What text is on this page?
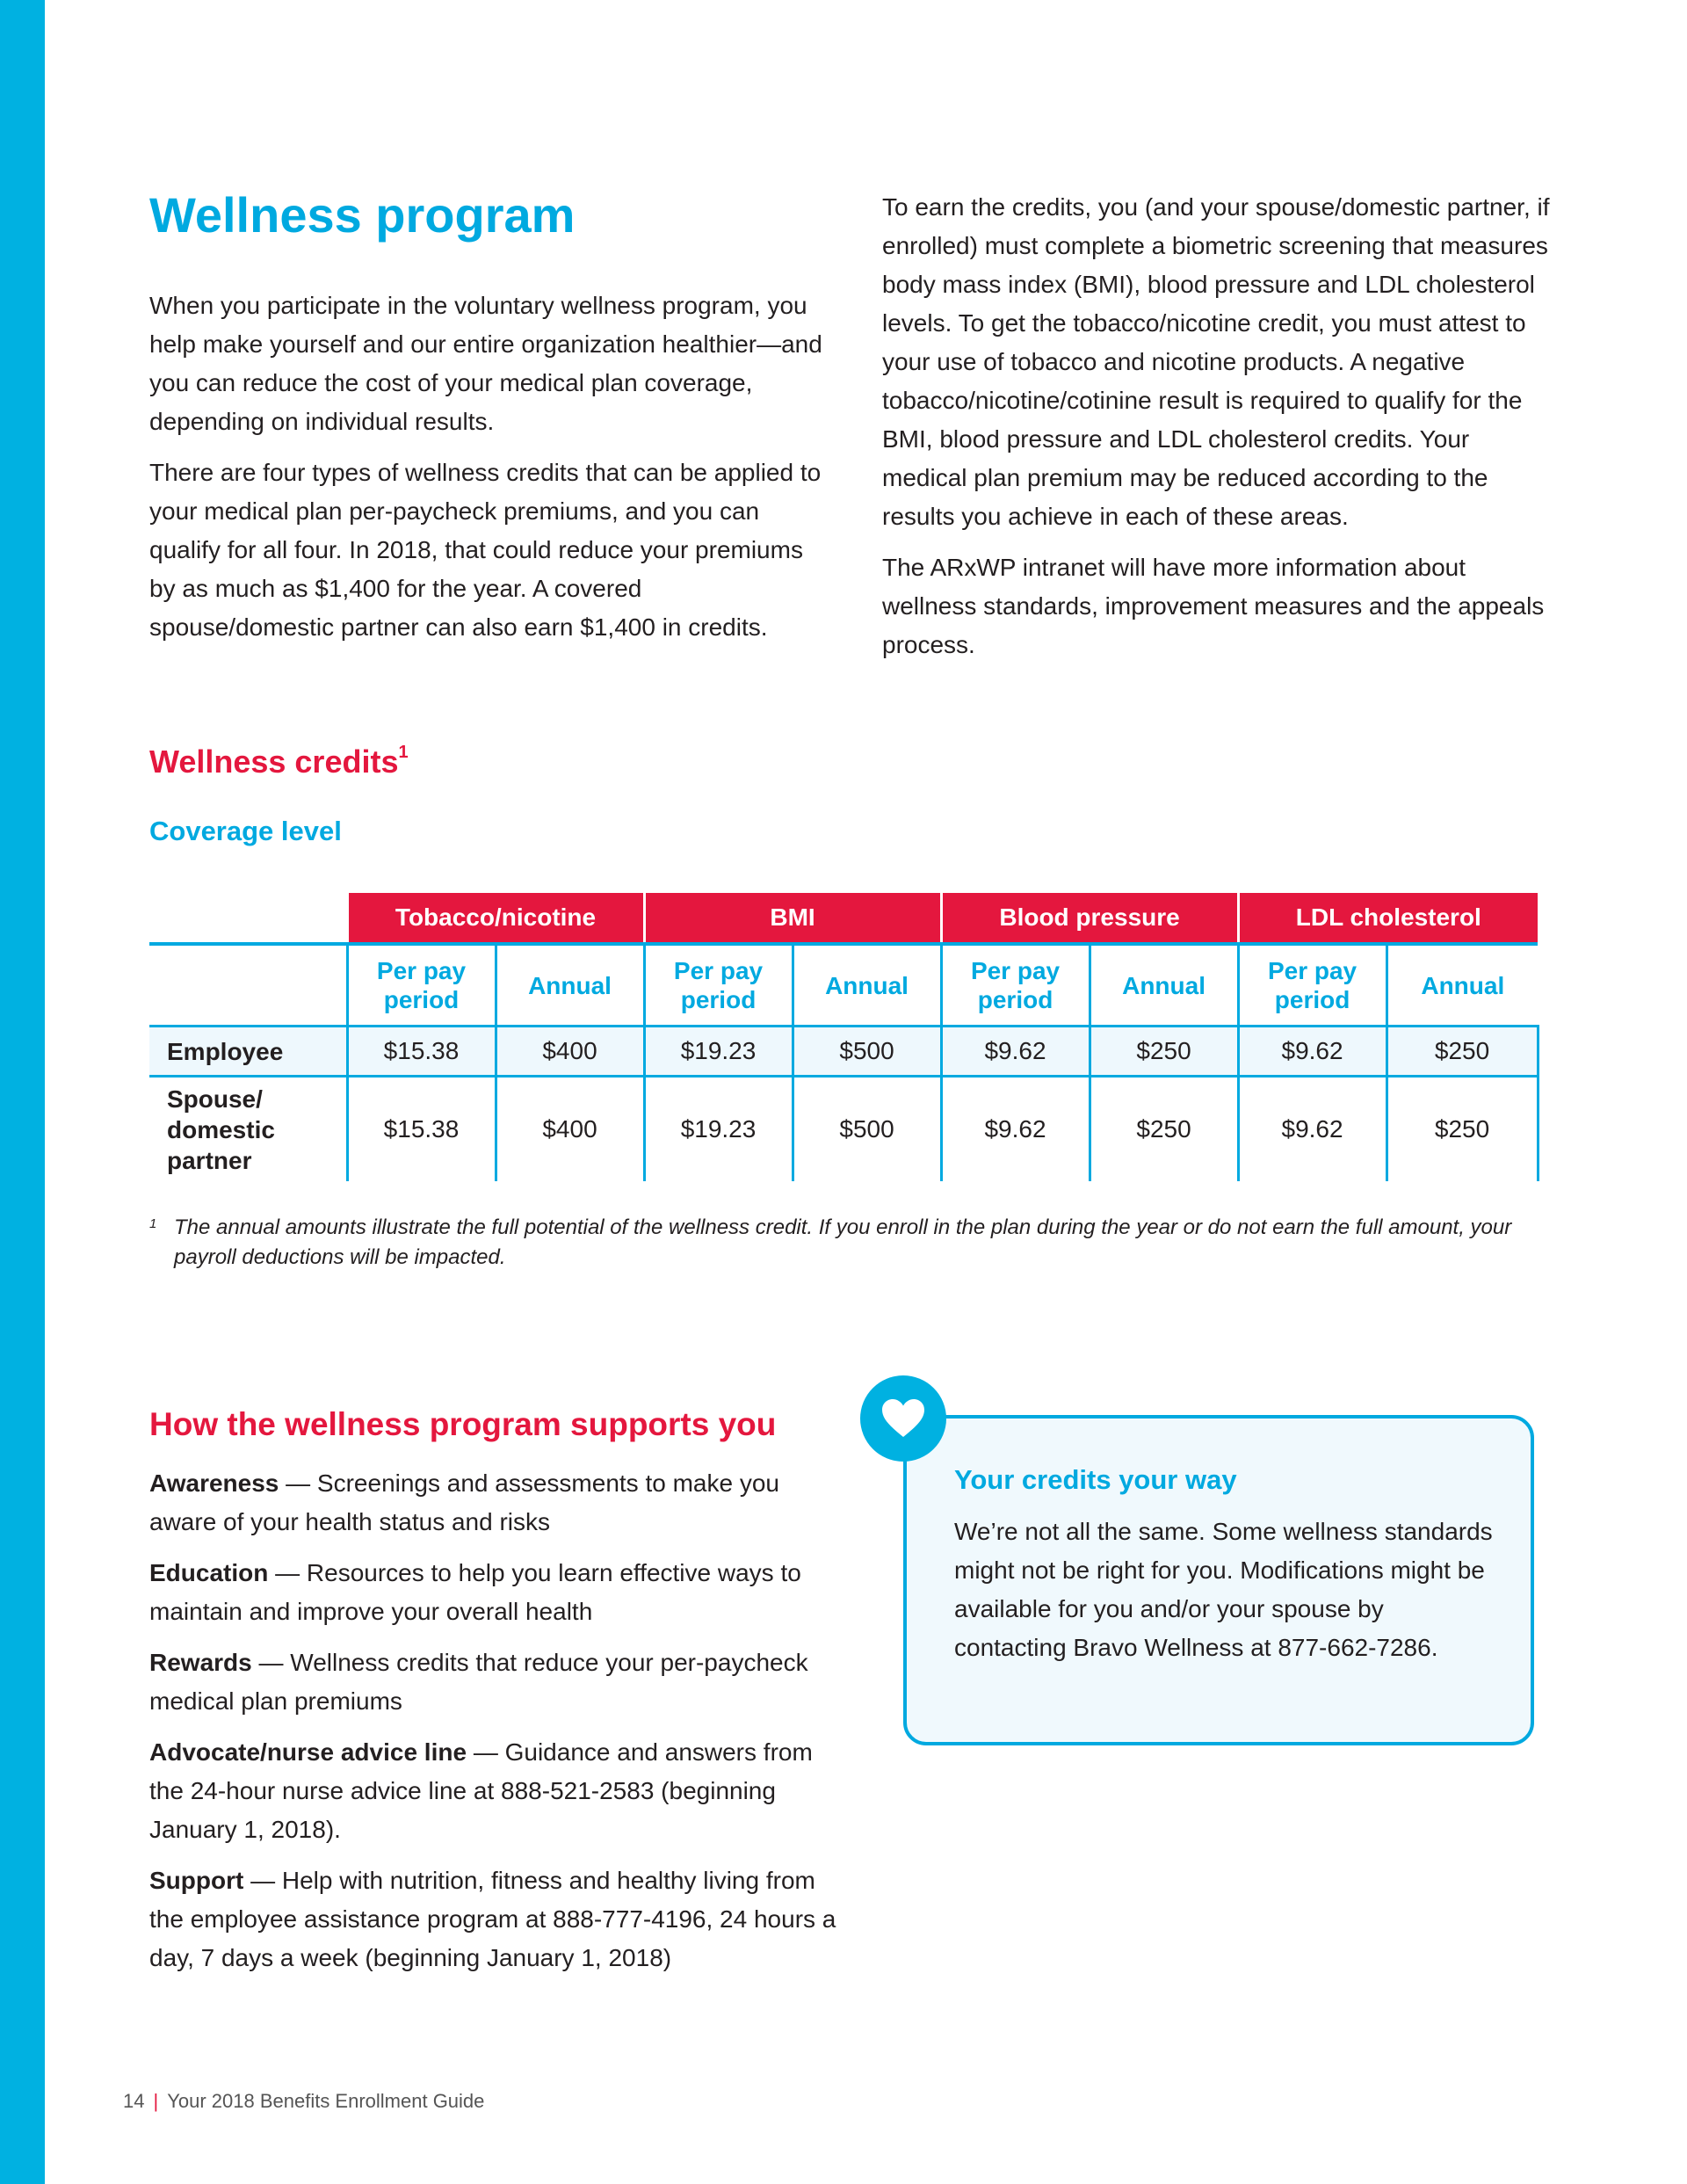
Wellness program

When you participate in the voluntary wellness program, you help make yourself and our entire organization healthier—and you can reduce the cost of your medical plan coverage, depending on individual results.

There are four types of wellness credits that can be applied to your medical plan per-paycheck premiums, and you can qualify for all four. In 2018, that could reduce your premiums by as much as $1,400 for the year. A covered spouse/domestic partner can also earn $1,400 in credits.

To earn the credits, you (and your spouse/domestic partner, if enrolled) must complete a biometric screening that measures body mass index (BMI), blood pressure and LDL cholesterol levels. To get the tobacco/nicotine credit, you must attest to your use of tobacco and nicotine products. A negative tobacco/nicotine/cotinine result is required to qualify for the BMI, blood pressure and LDL cholesterol credits. Your medical plan premium may be reduced according to the results you achieve in each of these areas.

The ARxWP intranet will have more information about wellness standards, improvement measures and the appeals process.

Wellness credits$^1$
Coverage level
	Tobacco/nicotine		BMI		Blood pressure		LDL cholesterol	
	Per pay period	Annual	Per pay period	Annual	Per pay period	Annual	Per pay period	Annual
Employee	$15.38	$400	$19.23	$500	$9.62	$250	$9.62	$250
Spouse/ domestic partner	$15.38	$400	$19.23	$500	$9.62	$250	$9.62	$250
1 The annual amounts illustrate the full potential of the wellness credit. If you enroll in the plan during the year or do not earn the full amount, your payroll deductions will be impacted.
How the wellness program supports you

Awareness — Screenings and assessments to make you aware of your health status and risks

Education — Resources to help you learn effective ways to maintain and improve your overall health

Rewards — Wellness credits that reduce your per-paycheck medical plan premiums

Advocate/nurse advice line — Guidance and answers from the 24-hour nurse advice line at 888-521-2583 (beginning January 1, 2018).

Support — Help with nutrition, fitness and healthy living from the employee assistance program at 888-777-4196, 24 hours a day, 7 days a week (beginning January 1, 2018)

Your credits your way

We’re not all the same. Some wellness standards might not be right for you. Modifications might be available for you and/or your spouse by contacting Bravo Wellness at 877-662-7286.

14 | Your 2018 Benefits Enrollment Guide
